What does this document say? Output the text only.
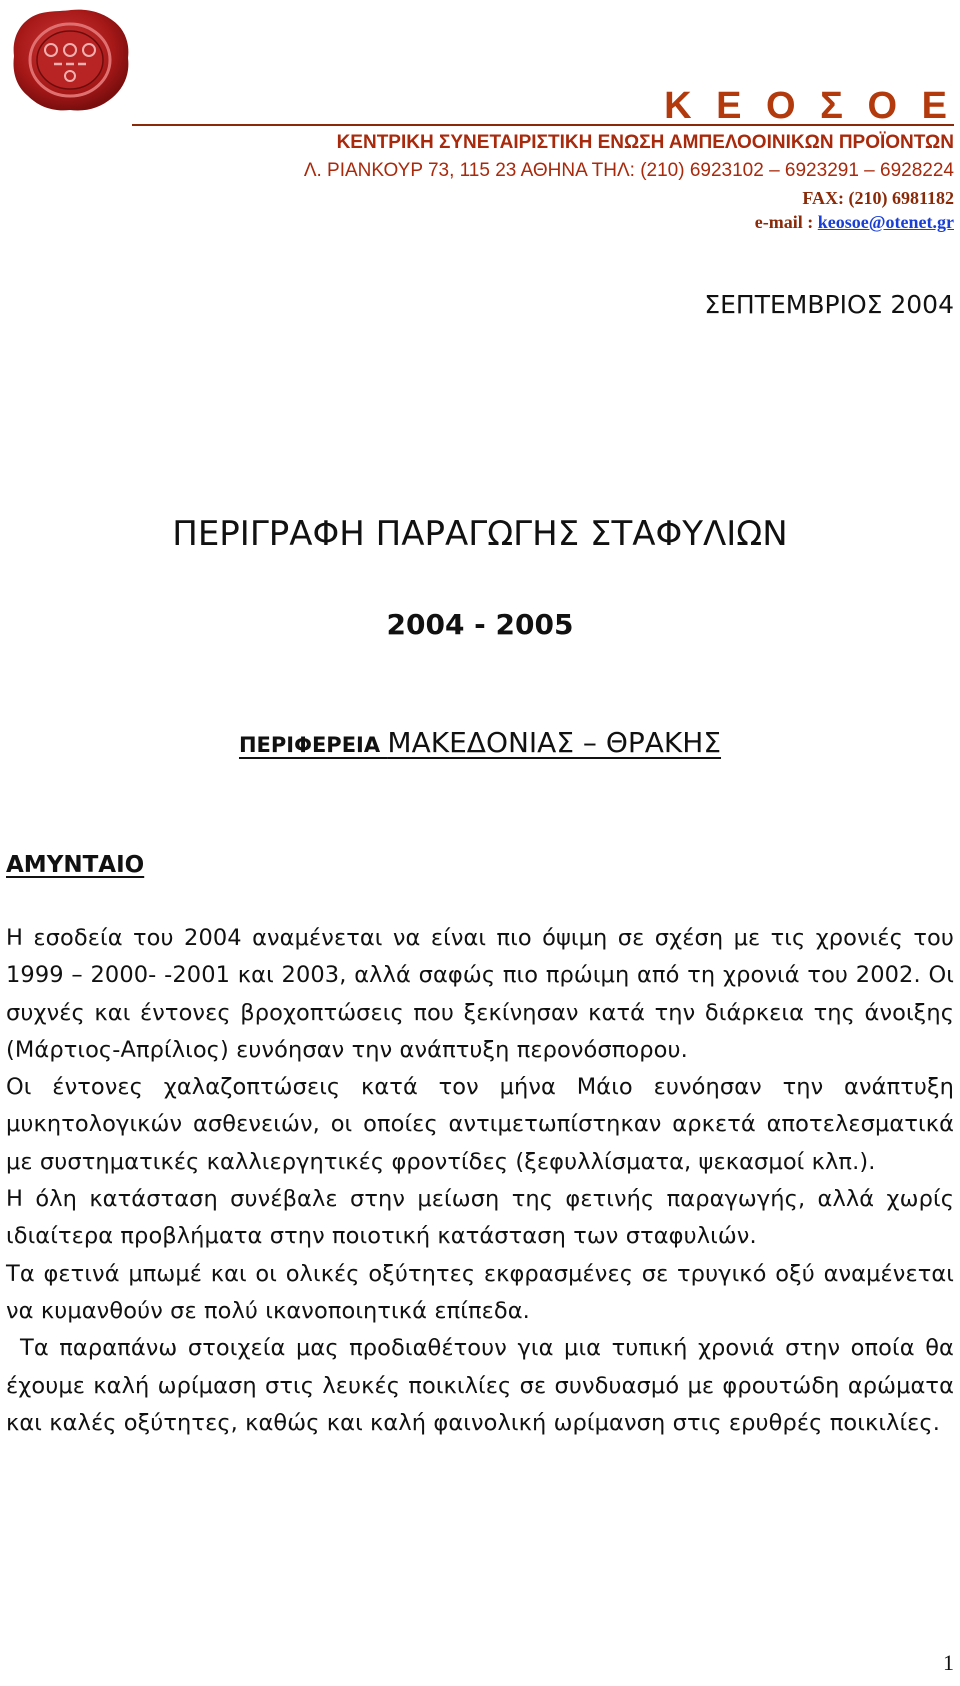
Κ Ε Ο Σ Ο Ε
ΚΕΝΤΡΙΚΗ ΣΥΝΕΤΑΙΡΙΣΤΙΚΗ ΕΝΩΣΗ ΑΜΠΕΛΟΟΙΝΙΚΩΝ ΠΡΟΪΟΝΤΩΝ
Λ. ΡΙΑΝΚΟΥΡ 73, 115 23 ΑΘΗΝΑ ΤΗΛ: (210) 6923102 – 6923291 – 6928224
FAX: (210) 6981182
e-mail : keosoe@otenet.gr
ΣΕΠΤΕΜΒΡΙΟΣ 2004
ΠΕΡΙΓΡΑΦΗ ΠΑΡΑΓΩΓΗΣ ΣΤΑΦΥΛΙΩΝ
2004 - 2005
ΠΕΡΙΦΕΡΕΙΑ ΜΑΚΕΔΟΝΙΑΣ – ΘΡΑΚΗΣ
ΑΜΥΝΤΑΙΟ

Η εσοδεία του 2004 αναμένεται να είναι πιο όψιμη σε σχέση με τις χρονιές του 1999 – 2000- -2001 και 2003, αλλά σαφώς πιο πρώιμη από τη χρονιά του 2002. Οι συχνές και έντονες βροχοπτώσεις που ξεκίνησαν κατά την διάρκεια της άνοιξης (Μάρτιος-Απρίλιος) ευνόησαν την ανάπτυξη περονόσπορου.

Οι έντονες χαλαζοπτώσεις κατά τον μήνα Μάιο ευνόησαν την ανάπτυξη μυκητολογικών ασθενειών, οι οποίες αντιμετωπίστηκαν αρκετά αποτελεσματικά με συστηματικές καλλιεργητικές φροντίδες (ξεφυλλίσματα, ψεκασμοί κλπ.).

Η όλη κατάσταση συνέβαλε στην μείωση της φετινής παραγωγής, αλλά χωρίς ιδιαίτερα προβλήματα στην ποιοτική κατάσταση των σταφυλιών.

Τα φετινά μπωμέ και οι ολικές οξύτητες εκφρασμένες σε τρυγικό οξύ αναμένεται να κυμανθούν σε πολύ ικανοποιητικά επίπεδα.

Τα παραπάνω στοιχεία μας προδιαθέτουν για μια τυπική χρονιά στην οποία θα έχουμε καλή ωρίμαση στις λευκές ποικιλίες σε συνδυασμό με φρουτώδη αρώματα και καλές οξύτητες, καθώς και καλή φαινολική ωρίμανση στις ερυθρές ποικιλίες.

1
